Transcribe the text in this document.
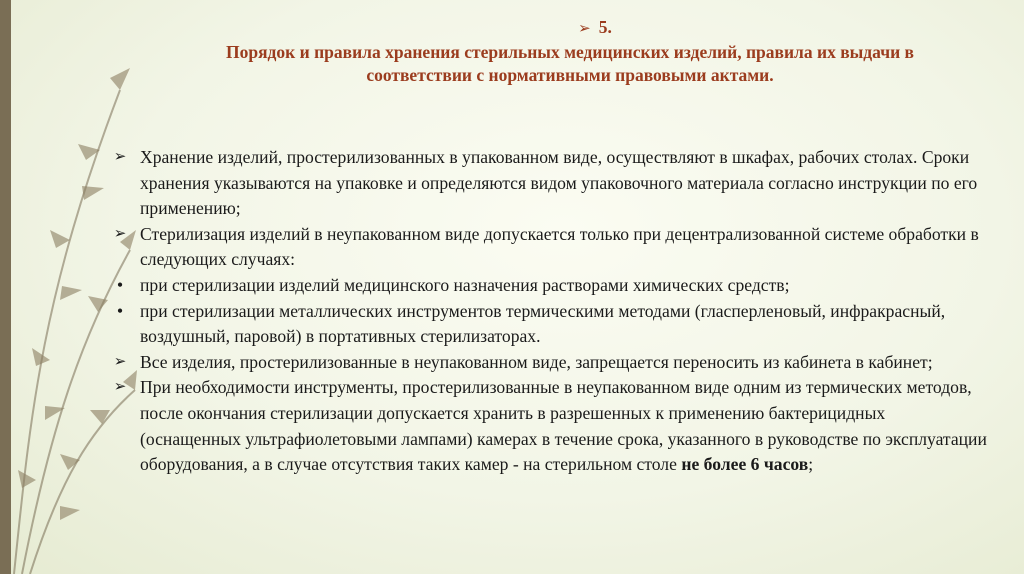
➢ 5.
Порядок и правила хранения стерильных медицинских изделий, правила их выдачи в
соответствии с нормативными правовыми актами.
➢ Хранение изделий, простерилизованных в упакованном виде, осуществляют в шкафах, рабочих столах. Сроки хранения указываются на упаковке и определяются видом упаковочного материала согласно инструкции по его применению;
➢ Стерилизация изделий в неупакованном виде допускается только при децентрализованной системе обработки в следующих случаях:
• при стерилизации изделий медицинского назначения растворами химических средств;
• при стерилизации металлических инструментов термическими методами (гласперленовый, инфракрасный, воздушный, паровой) в портативных стерилизаторах.
➢ Все изделия, простерилизованные в неупакованном виде, запрещается переносить из кабинета в кабинет;
➢ При необходимости инструменты, простерилизованные в неупакованном виде одним из термических методов, после окончания стерилизации допускается хранить в разрешенных к применению бактерицидных (оснащенных ультрафиолетовыми лампами) камерах в течение срока, указанного в руководстве по эксплуатации оборудования, а в случае отсутствия таких камер - на стерильном столе не более 6 часов;
